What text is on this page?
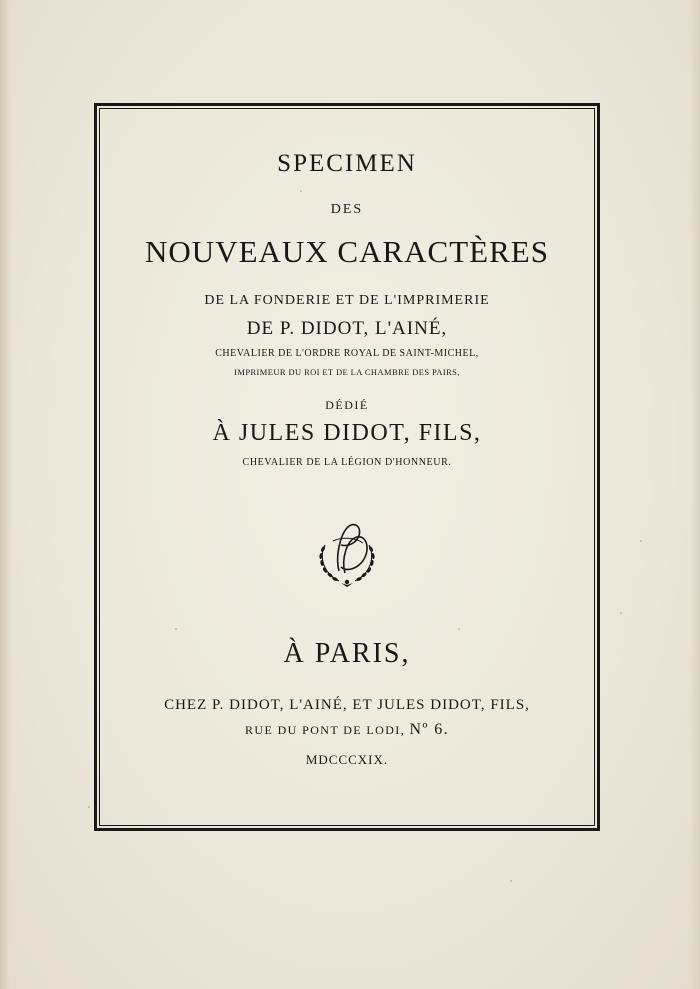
SPECIMEN
DES
NOUVEAUX CARACTÈRES
DE LA FONDERIE ET DE L'IMPRIMERIE
DE P. DIDOT, L'AINÉ,
CHEVALIER DE L'ORDRE ROYAL DE SAINT-MICHEL,
IMPRIMEUR DU ROI ET DE LA CHAMBRE DES PAIRS,
DÉDIÉ
À JULES DIDOT, FILS,
CHEVALIER DE LA LÉGION D'HONNEUR.
À PARIS,
CHEZ P. DIDOT, L'AINÉ, ET JULES DIDOT, FILS,
RUE DU PONT DE LODI, Nº 6.
MDCCCXIX.
